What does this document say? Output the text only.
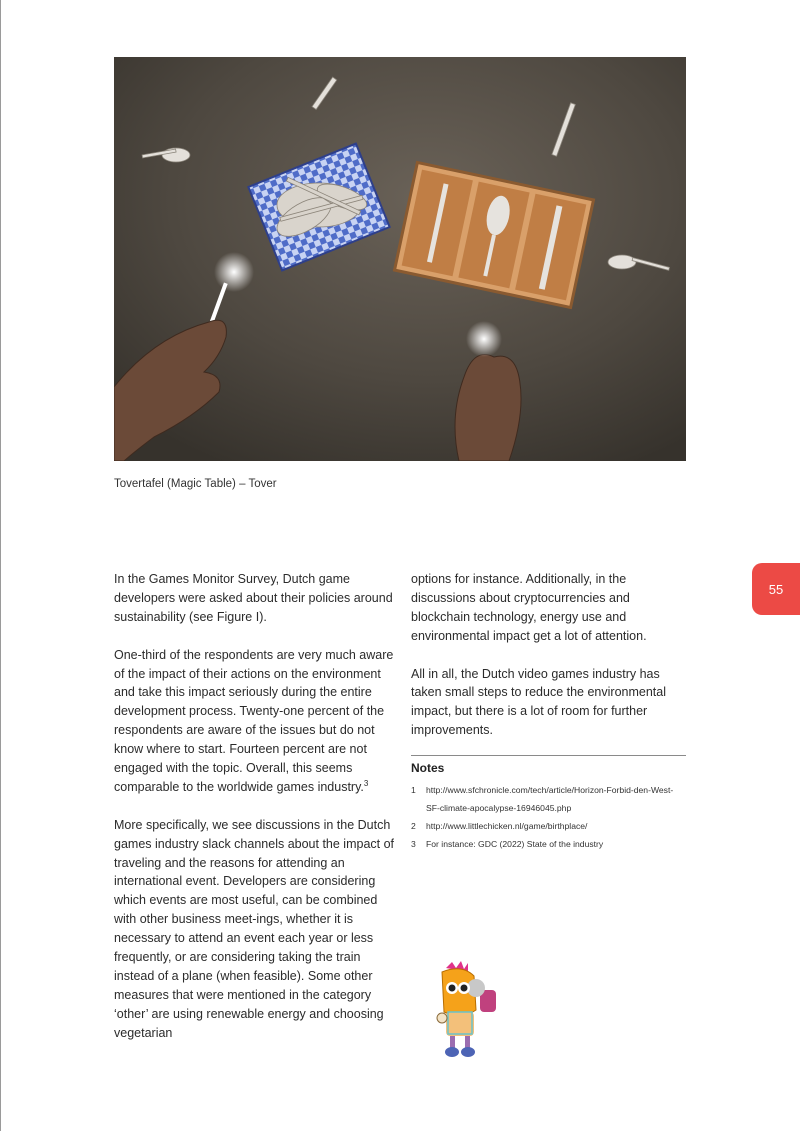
Tovertafel (Magic Table) – Tover
55

In the Games Monitor Survey, Dutch game developers were asked about their policies around sustainability (see Figure I).

One-third of the respondents are very much aware of the impact of their actions on the environment and take this impact seriously during the entire development process. Twenty-one percent of the respondents are aware of the issues but do not know where to start. Fourteen percent are not engaged with the topic. Overall, this seems comparable to the worldwide games industry.$^3$

More specifically, we see discussions in the Dutch games industry slack channels about the impact of traveling and the reasons for attending an international event. Developers are considering which events are most useful, can be combined with other business meet-ings, whether it is necessary to attend an event each year or less frequently, or are considering taking the train instead of a plane (when feasible). Some other measures that were mentioned in the category ‘other’ are using renewable energy and choosing vegetarian

options for instance. Additionally, in the discussions about cryptocurrencies and blockchain technology, energy use and environmental impact get a lot of attention.

All in all, the Dutch video games industry has taken small steps to reduce the environmental impact, but there is a lot of room for further improvements.

Notes
1	http://www.sfchronicle.com/tech/article/Horizon-Forbid-den-West-SF-climate-apocalypse-16946045.php
2	http://www.littlechicken.nl/game/birthplace/
3	For instance: GDC (2022) State of the industry
